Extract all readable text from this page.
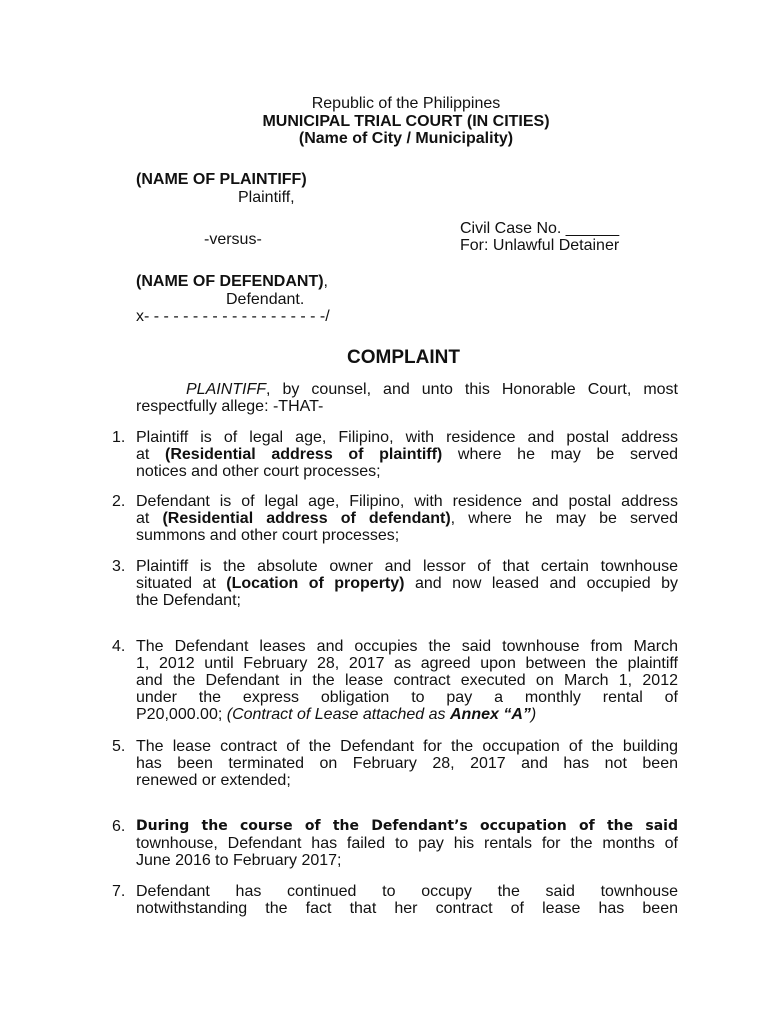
Republic of the Philippines
MUNICIPAL TRIAL COURT (IN CITIES)
(Name of City / Municipality)
(NAME OF PLAINTIFF)
Plaintiff,
-versus-
Civil Case No. ______
For: Unlawful Detainer
(NAME OF DEFENDANT),
Defendant.
x- - - - - - - - - - - - - - - - - - -/
COMPLAINT
PLAINTIFF, by counsel, and unto this Honorable Court, most
respectfully allege: -THAT-
1. Plaintiff is of legal age, Filipino, with residence and postal address
at (Residential address of plaintiff) where he may be served
notices and other court processes;
2. Defendant is of legal age, Filipino, with residence and postal address
at (Residential address of defendant), where he may be served
summons and other court processes;
3. Plaintiff is the absolute owner and lessor of that certain townhouse
situated at (Location of property) and now leased and occupied by
the Defendant;
4. The Defendant leases and occupies the said townhouse from March
1, 2012 until February 28, 2017 as agreed upon between the plaintiff
and the Defendant in the lease contract executed on March 1, 2012
under the express obligation to pay a monthly rental of
P20,000.00; (Contract of Lease attached as Annex “A”)
5. The lease contract of the Defendant for the occupation of the building
has been terminated on February 28, 2017 and has not been
renewed or extended;
6. During the course of the Defendant’s occupation of the said
townhouse, Defendant has failed to pay his rentals for the months of
June 2016 to February 2017;
7. Defendant has continued to occupy the said townhouse
notwithstanding the fact that her contract of lease has been
